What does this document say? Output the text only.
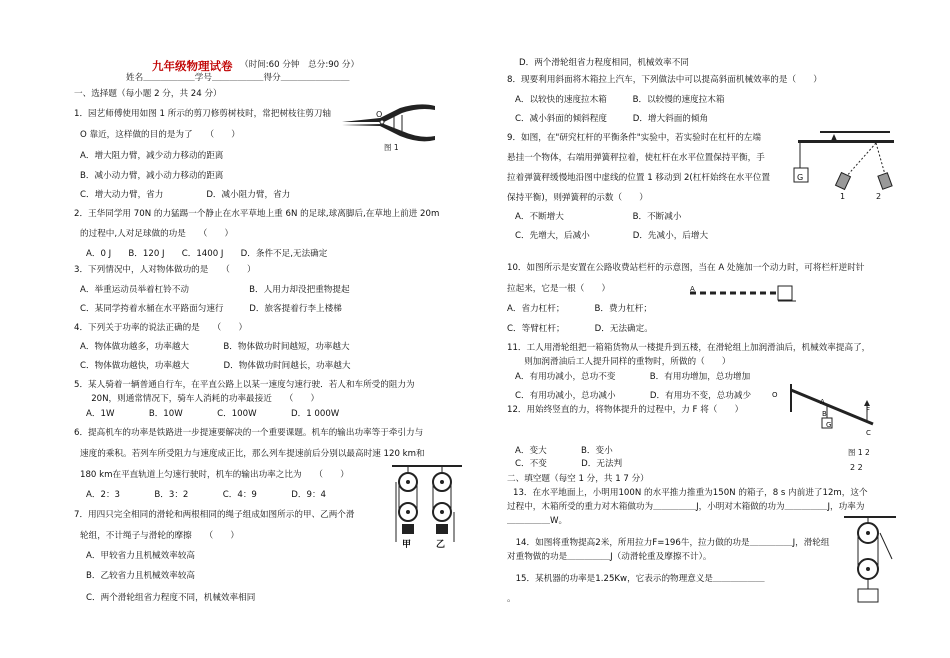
九年级物理试卷 （时间:60 分钟　总分:90 分）
姓名＿＿＿＿＿＿学号＿＿＿＿＿＿得分＿＿＿＿＿＿＿＿
一、选择题（每小题 2 分，共 24 分）
1．园艺师傅使用如图 1 所示的剪刀修剪树枝时，常把树枝往剪刀轴
O 靠近，这样做的目的是为了　　（　　）
A．增大阻力臂，减少动力移动的距离
B．减小动力臂，减小动力移动的距离
C．增大动力臂，省力　　　　　D．减小阻力臂，省力
2．王华同学用 70N 的力猛踢一个静止在水平草地上重 6N 的足球,球离脚后,在草地上前进 20m
的过程中,人对足球做的功是　　（　　）
A．0 J　　B．120 J　　C．1400 J　　D．条件不足,无法确定
3．下列情况中，人对物体做功的是　　（　　）
A．举重运动员举着杠铃不动　　　　　　　B．人用力却没把重物提起
C．某同学挎着水桶在水平路面匀速行　　　D．旅客提着行李上楼梯
4．下列关于功率的说法正确的是　　（　　）
A．物体做功越多，功率越大　　　　B．物体做功时间越短，功率越大
C．物体做功越快，功率越大　　　　D．物体做功时间越长，功率越大
5．某人骑着一辆普通自行车，在平直公路上以某一速度匀速行驶．若人和车所受的阻力为
　　20N，则通常情况下，骑车人消耗的功率最接近　　（　　）
A．1W　　　　B．10W　　　　C．100W　　　　D．1 000W
6．提高机车的功率是铁路进一步提速要解决的一个重要课题。机车的输出功率等于牵引力与
速度的乘积。若列车所受阻力与速度成正比，那么列车提速前后分别以最高时速 120 km和
180 km在平直轨道上匀速行驶时，机车的输出功率之比为　　（　　）
A．2：3　　　　B．3：2　　　　C．4：9　　　　D．9：4
7．用四只完全相同的滑轮和两根相同的绳子组成如图所示的甲、乙两个滑
轮组，不计绳子与滑轮的摩擦　　（　　）
A．甲较省力且机械效率较高
B．乙较省力且机械效率较高
C．两个滑轮组省力程度不同，机械效率相同
D．两个滑轮组省力程度相同，机械效率不同
8．现要利用斜面将木箱拉上汽车，下列做法中可以提高斜面机械效率的是（　　）
A．以较快的速度拉木箱　　　B．以较慢的速度拉木箱
C．减小斜面的倾斜程度　　　D．增大斜面的倾角
9．如图，在"研究杠杆的平衡条件"实验中，若实验时在杠杆的左端
悬挂一个物体，右端用弹簧秤拉着，使杠杆在水平位置保持平衡，手
拉着弹簧秤缓慢地沿图中虚线的位置 1 移动到 2(杠杆始终在水平位置
保持平衡)，则弹簧秤的示数（　　）
A．不断增大　　　　　　　　B．不断减小
C．先增大，后减小　　　　　D．先减小，后增大
10．如图所示是安置在公路收费站栏杆的示意图，当在 A 处施加一个动力时，可将栏杆逆时针
拉起来，它是一根（　　）
A．省力杠杆；　　　　B．费力杠杆；
C．等臂杠杆；　　　　D．无法确定。
11．工人用滑轮组把一箱箱货物从一楼提升到五楼，在滑轮组上加润滑油后，机械效率提高了，
　　则加润滑油后工人提升同样的重物时，所做的（　　）
A．有用功减小，总功不变　　　　B．有用功增加，总功增加
C．有用功减小，总功减小　　　　D．有用功不变，总功减少
12．用始终竖直的力，将物体提升的过程中，力 F 将（　　）
A．变大　　　　B．变小
C．不变　　　　D．无法判
二、填空题（每空 1 分，共 1 7 分）
13．在水平地面上，小明用100N 的水平推力推重为150N 的箱子，8 s 内前进了12m，这个
过程中，木箱所受的重力对木箱做功为＿＿＿＿＿J，小明对木箱做的功为＿＿＿＿＿J，功率为
＿＿＿＿＿W。
　14．如图将重物提高2米，所用拉力F=196牛，拉力做的功是＿＿＿＿＿J，滑轮组
对重物做的功是＿＿＿＿＿J（动滑轮重及摩擦不计）。
　15．某机器的功率是1.25Kw，它表示的物理意义是＿＿＿＿＿＿
。
O
图 1
甲	乙
G
1	2
A
O
A
B	F
G
C
图 1 2
2 2
